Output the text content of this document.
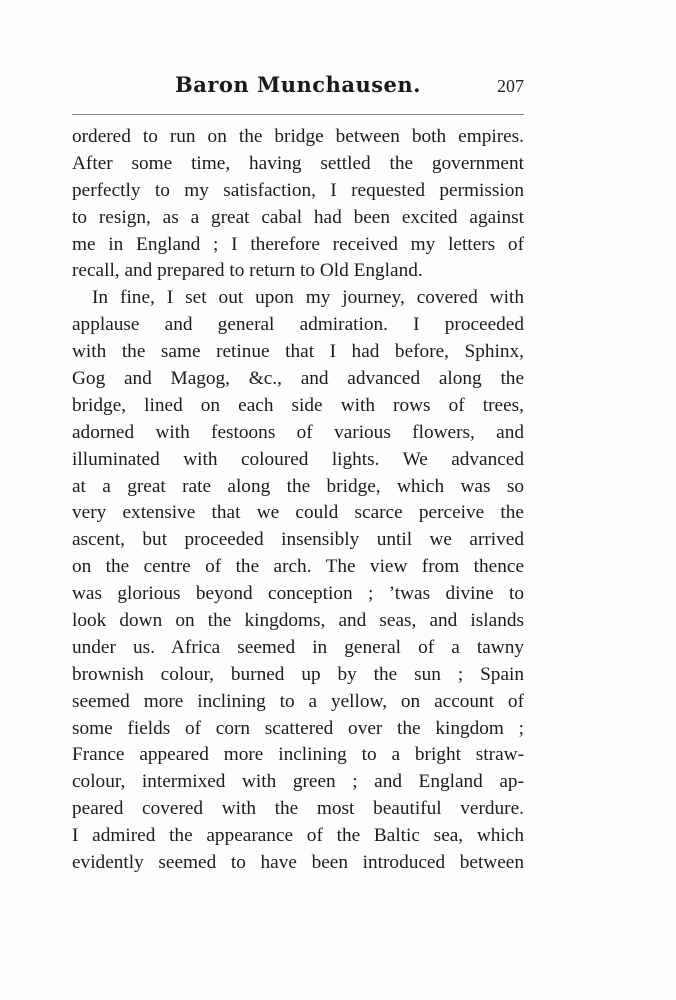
Baron Munchausen.	207
ordered to run on the bridge between both empires.
After some time, having settled the government
perfectly to my satisfaction, I requested permission
to resign, as a great cabal had been excited against
me in England ; I therefore received my letters of
recall, and prepared to return to Old England.
In fine, I set out upon my journey, covered with
applause and general admiration. I proceeded
with the same retinue that I had before, Sphinx,
Gog and Magog, &c., and advanced along the
bridge, lined on each side with rows of trees,
adorned with festoons of various flowers, and
illuminated with coloured lights. We advanced
at a great rate along the bridge, which was so
very extensive that we could scarce perceive the
ascent, but proceeded insensibly until we arrived
on the centre of the arch. The view from thence
was glorious beyond conception ; ’twas divine to
look down on the kingdoms, and seas, and islands
under us. Africa seemed in general of a tawny
brownish colour, burned up by the sun ; Spain
seemed more inclining to a yellow, on account of
some fields of corn scattered over the kingdom ;
France appeared more inclining to a bright straw-
colour, intermixed with green ; and England ap-
peared covered with the most beautiful verdure.
I admired the appearance of the Baltic sea, which
evidently seemed to have been introduced between
